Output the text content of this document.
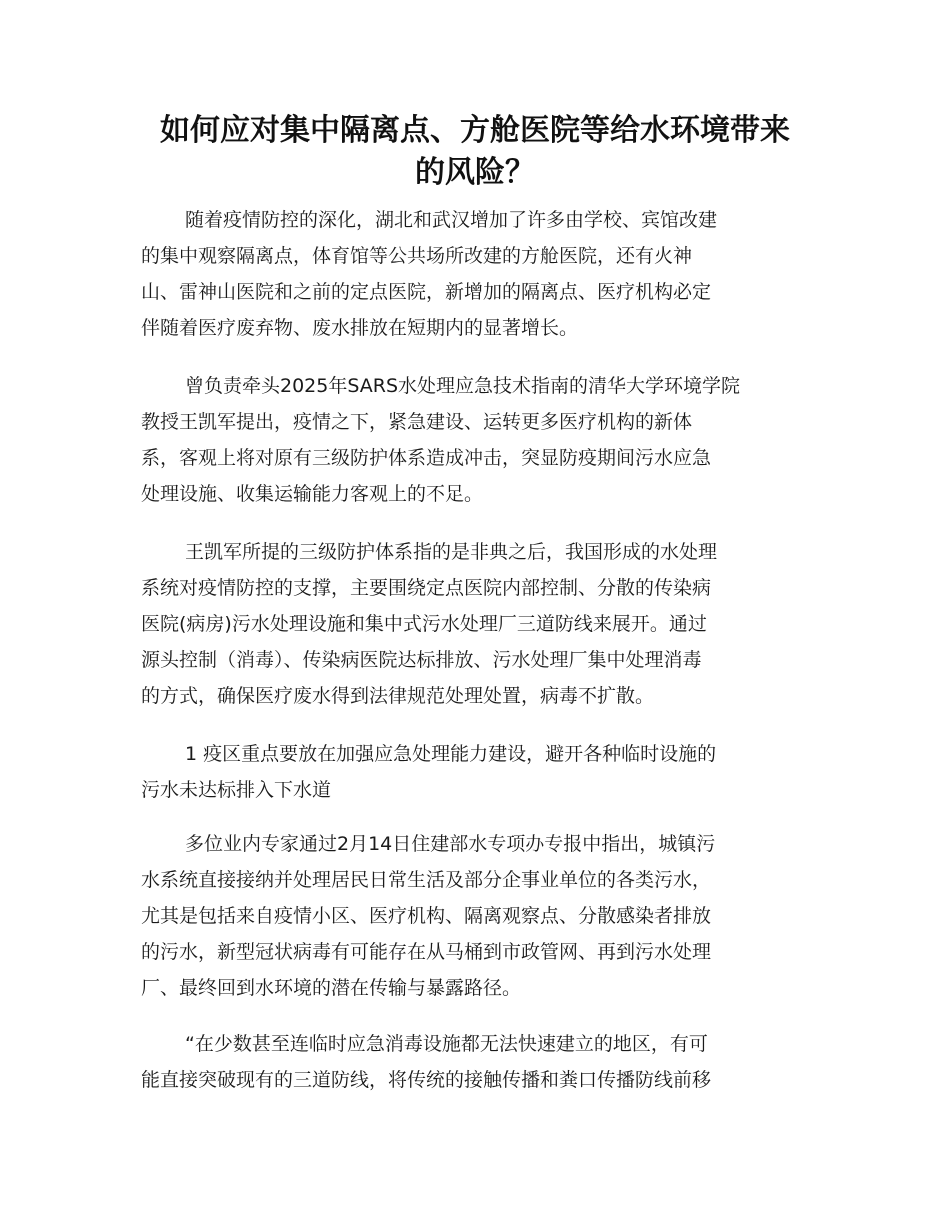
如何应对集中隔离点、方舱医院等给水环境带来
的风险？
随着疫情防控的深化，湖北和武汉增加了许多由学校、宾馆改建
的集中观察隔离点，体育馆等公共场所改建的方舱医院，还有火神
山、雷神山医院和之前的定点医院，新增加的隔离点、医疗机构必定
伴随着医疗废弃物、废水排放在短期内的显著增长。
曾负责牵头2025年SARS水处理应急技术指南的清华大学环境学院
教授王凯军提出，疫情之下，紧急建设、运转更多医疗机构的新体
系，客观上将对原有三级防护体系造成冲击，突显防疫期间污水应急
处理设施、收集运输能力客观上的不足。
王凯军所提的三级防护体系指的是非典之后，我国形成的水处理
系统对疫情防控的支撑，主要围绕定点医院内部控制、分散的传染病
医院(病房)污水处理设施和集中式污水处理厂三道防线来展开。通过
源头控制（消毒）、传染病医院达标排放、污水处理厂集中处理消毒
的方式，确保医疗废水得到法律规范处理处置，病毒不扩散。
1 疫区重点要放在加强应急处理能力建设，避开各种临时设施的
污水未达标排入下水道
多位业内专家通过2月14日住建部水专项办专报中指出，城镇污
水系统直接接纳并处理居民日常生活及部分企事业单位的各类污水，
尤其是包括来自疫情小区、医疗机构、隔离观察点、分散感染者排放
的污水，新型冠状病毒有可能存在从马桶到市政管网、再到污水处理
厂、最终回到水环境的潜在传输与暴露路径。
“在少数甚至连临时应急消毒设施都无法快速建立的地区，有可
能直接突破现有的三道防线，将传统的接触传播和粪口传播防线前移
